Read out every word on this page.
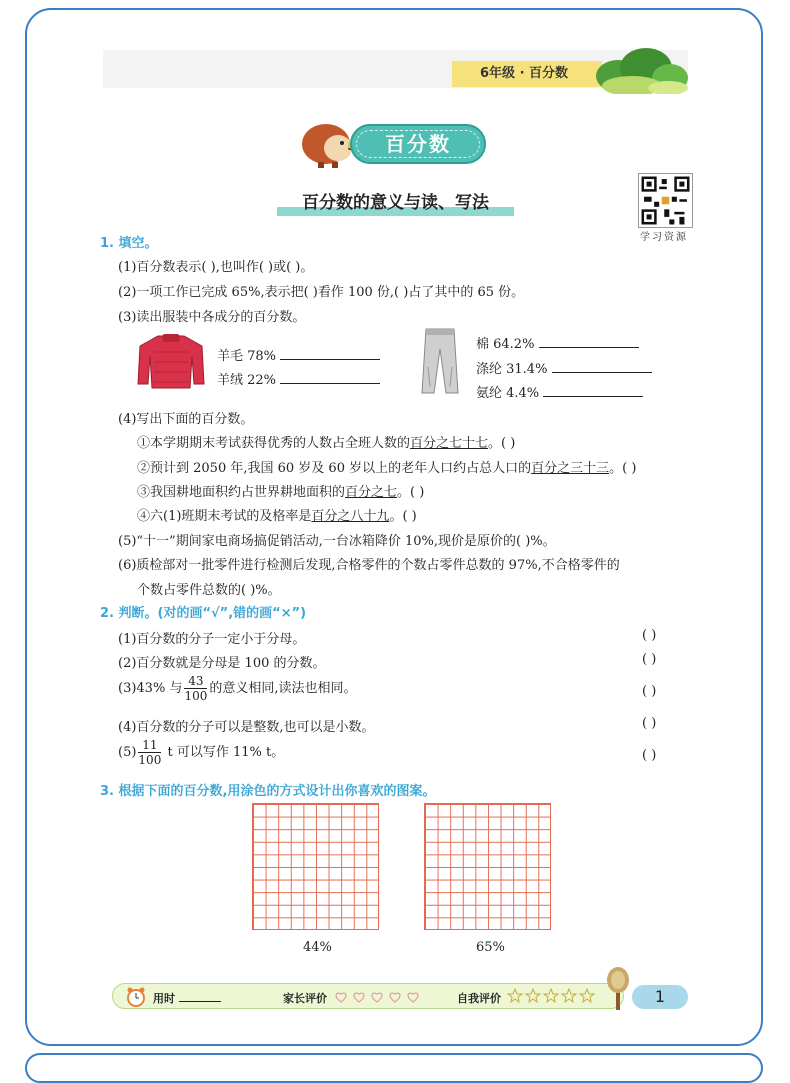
6年级 · 百分数
百分数
百分数的意义与读、写法
学习资源
1. 填空。
(1)百分数表示( ),也叫作( )或( )。
(2)一项工作已完成 65%,表示把( )看作 100 份,( )占了其中的 65 份。
(3)读出服装中各成分的百分数。
羊毛 78%
羊绒 22%
棉 64.2%
涤纶 31.4%
氨纶 4.4%
(4)写出下面的百分数。
①本学期期末考试获得优秀的人数占全班人数的百分之七十七。( )
②预计到 2050 年,我国 60 岁及 60 岁以上的老年人口约占总人口的百分之三十三。( )
③我国耕地面积约占世界耕地面积的百分之七。( )
④六(1)班期末考试的及格率是百分之八十九。( )
(5)“十一”期间家电商场搞促销活动,一台冰箱降价 10%,现价是原价的( )%。
(6)质检部对一批零件进行检测后发现,合格零件的个数占零件总数的 97%,不合格零件的
个数占零件总数的( )%。
2. 判断。(对的画“√”,错的画“×”)
(1)百分数的分子一定小于分母。	( )
(2)百分数就是分母是 100 的分数。	( )
(3)43% 与 $\frac{43}{100}$ 的意义相同,读法也相同。	( )
(4)百分数的分子可以是整数,也可以是小数。	( )
$(5) \frac{11}{100}$ t 可以写作 11% t。	( )
3. 根据下面的百分数,用涂色的方式设计出你喜欢的图案。
44%	65%
用时	家长评价	自我评价	1
